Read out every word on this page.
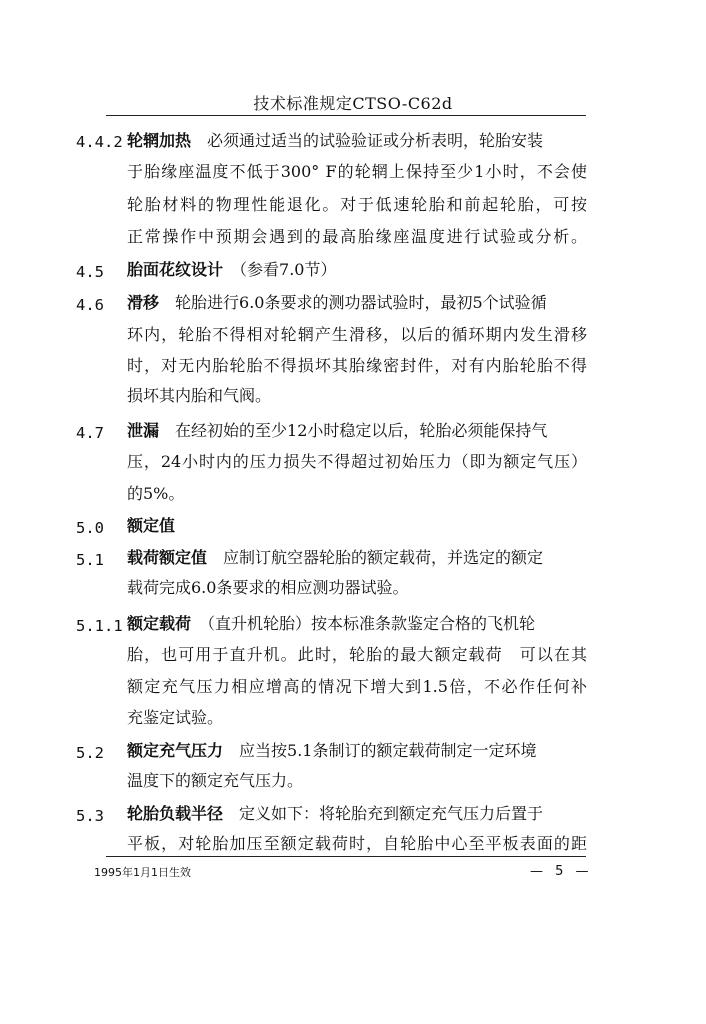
技术标准规定CTSO-C62d
4.4.2 轮辋加热　 必须通过适当的试验验证或分析表明，轮胎安装
于胎缘座温度不低于300° F的轮辋上保持至少1小时，不会使
轮胎材料的物理性能退化。对于低速轮胎和前起轮胎，可按
正常操作中预期会遇到的最高胎缘座温度进行试验或分析。
4.5 胎面花纹设计　 （参看7.0节）
4.6 滑移　 轮胎进行6.0条要求的测功器试验时，最初5个试验循
环内，轮胎不得相对轮辋产生滑移，以后的循环期内发生滑移
时，对无内胎轮胎不得损坏其胎缘密封件，对有内胎轮胎不得
损坏其内胎和气阀。
4.7 泄漏　 在经初始的至少12小时稳定以后，轮胎必须能保持气
压，24小时内的压力损失不得超过初始压力（即为额定气压）
的5%。
5.0 额定值
5.1 载荷额定值　 应制订航空器轮胎的额定载荷，并选定的额定
载荷完成6.0条要求的相应测功器试验。
5.1.1 额定载荷　 （直升机轮胎）按本标准条款鉴定合格的飞机轮
胎，也可用于直升机。此时，轮胎的最大额定载荷　可以在其
额定充气压力相应增高的情况下增大到1.5倍，不必作任何补
充鉴定试验。
5.2 额定充气压力　 应当按5.1条制订的额定载荷制定一定环境
温度下的额定充气压力。
5.3 轮胎负载半径　 定义如下：将轮胎充到额定充气压力后置于
平板，对轮胎加压至额定载荷时，自轮胎中心至平板表面的距
1995年1月1日生效	— 5 —
